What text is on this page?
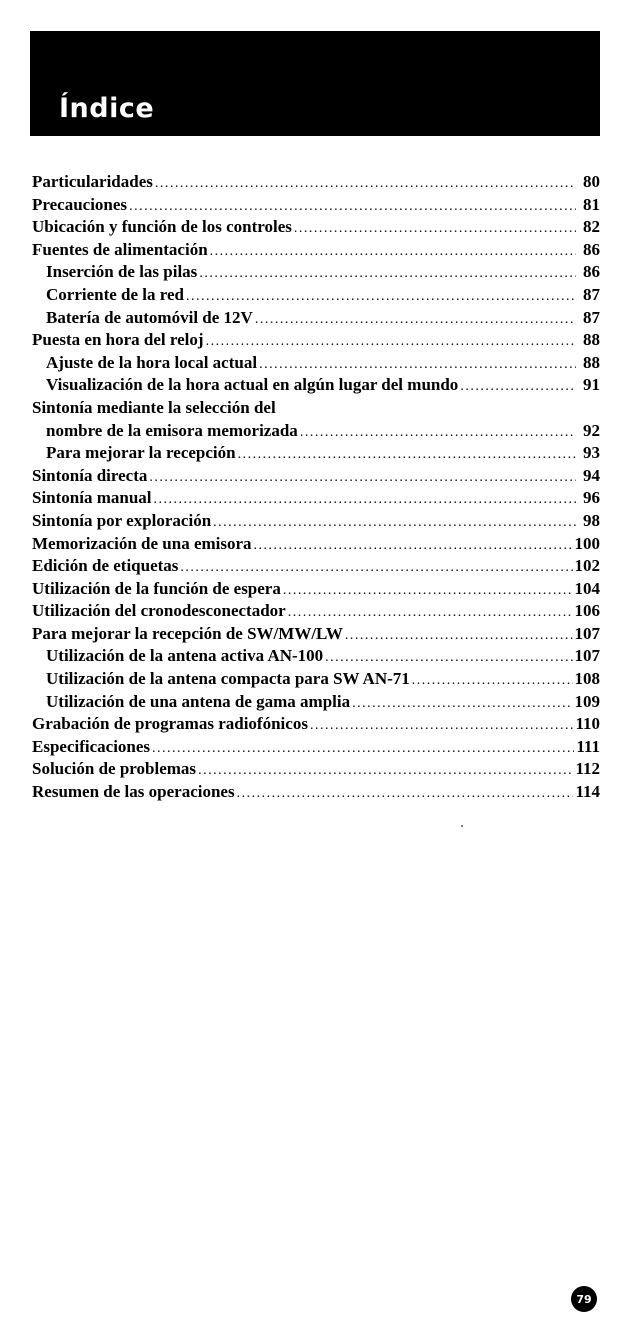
Índice
Particularidades . . .	80
Precauciones . . .	81
Ubicación y función de los controles . . .	82
Fuentes de alimentación . . .	86
Inserción de las pilas . . .	86
Corriente de la red . . .	87
Batería de automóvil de 12V . . .	87
Puesta en hora del reloj . . .	88
Ajuste de la hora local actual . . .	88
Visualización de la hora actual en algún lugar del mundo . . .	91
Sintonía mediante la selección del
nombre de la emisora memorizada . . .	92
Para mejorar la recepción . . .	93
Sintonía directa . . .	94
Sintonía manual . . .	96
Sintonía por exploración . . .	98
Memorización de una emisora . . .	100
Edición de etiquetas . . .	102
Utilización de la función de espera . . .	104
Utilización del cronodesconectador . . .	106
Para mejorar la recepción de SW/MW/LW . . .	107
Utilización de la antena activa AN-100 . . .	107
Utilización de la antena compacta para SW AN-71 . . .	108
Utilización de una antena de gama amplia . . .	109
Grabación de programas radiofónicos . . .	110
Especificaciones . . .	111
Solución de problemas . . .	112
Resumen de las operaciones . . .	114
79
